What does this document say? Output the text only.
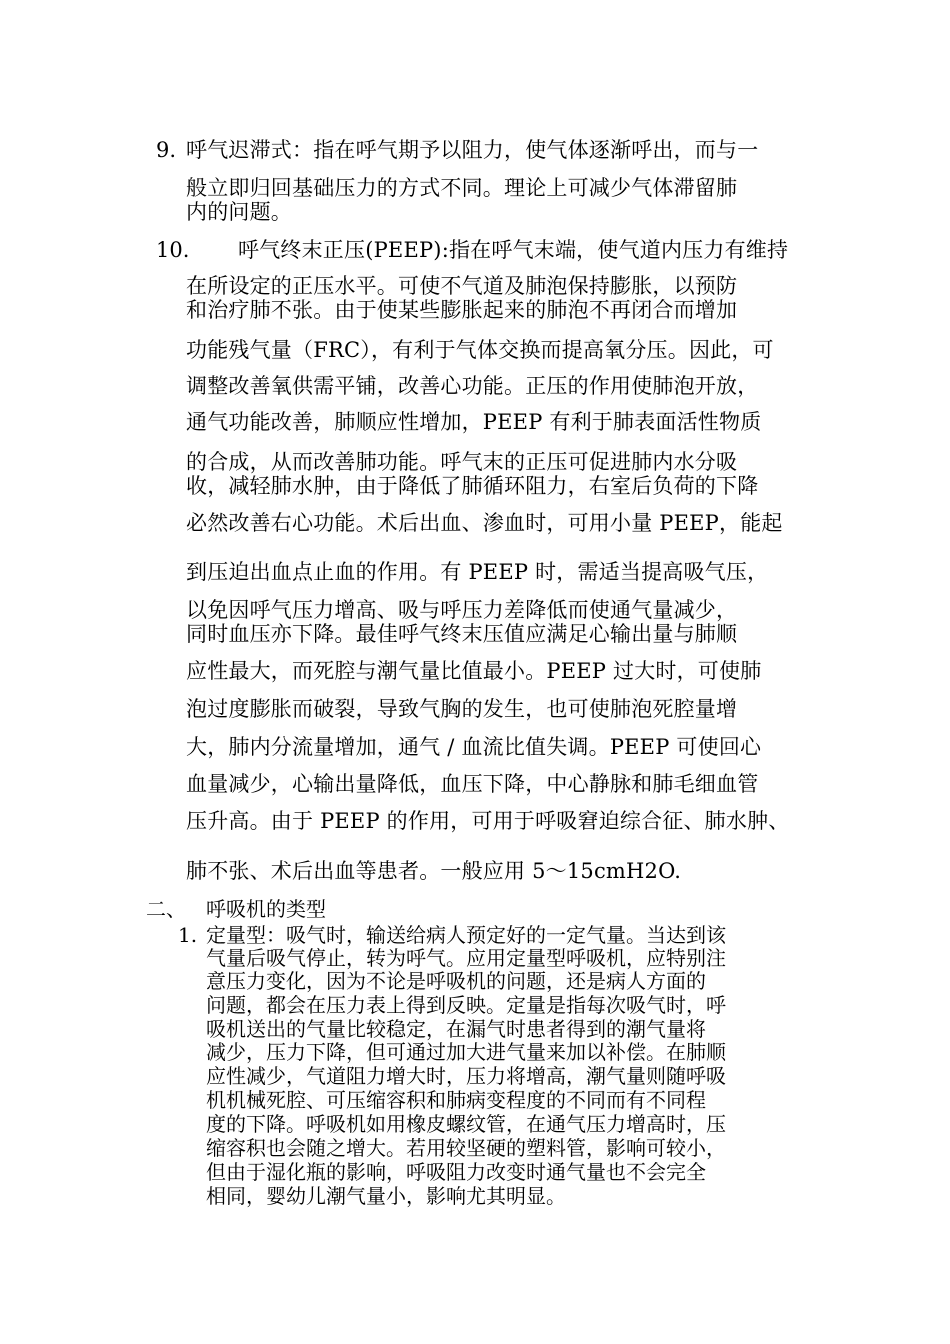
9. 呼气迟滞式：指在呼气期予以阻力，使气体逐渐呼出，而与一
般立即归回基础压力的方式不同。理论上可减少气体滞留肺
内的问题。
10. 呼气终末正压(PEEP):指在呼气末端，使气道内压力有维持
在所设定的正压水平。可使不气道及肺泡保持膨胀，以预防
和治疗肺不张。由于使某些膨胀起来的肺泡不再闭合而增加
功能残气量（FRC），有利于气体交换而提高氧分压。因此，可
调整改善氧供需平铺，改善心功能。正压的作用使肺泡开放，
通气功能改善，肺顺应性增加，PEEP 有利于肺表面活性物质
的合成，从而改善肺功能。呼气末的正压可促进肺内水分吸
收，减轻肺水肿，由于降低了肺循环阻力，右室后负荷的下降
必然改善右心功能。术后出血、渗血时，可用小量 PEEP，能起
到压迫出血点止血的作用。有 PEEP 时，需适当提高吸气压，
以免因呼气压力增高、吸与呼压力差降低而使通气量减少，
同时血压亦下降。最佳呼气终末压值应满足心输出量与肺顺
应性最大，而死腔与潮气量比值最小。PEEP 过大时，可使肺
泡过度膨胀而破裂，导致气胸的发生，也可使肺泡死腔量增
大，肺内分流量增加，通气 / 血流比值失调。PEEP 可使回心
血量减少，心输出量降低，血压下降，中心静脉和肺毛细血管
压升高。由于 PEEP 的作用，可用于呼吸窘迫综合征、肺水肿、
肺不张、术后出血等患者。一般应用 5～15cmH2O.
二、 呼吸机的类型
1. 定量型：吸气时，输送给病人预定好的一定气量。当达到该
气量后吸气停止，转为呼气。应用定量型呼吸机，应特别注
意压力变化，因为不论是呼吸机的问题，还是病人方面的
问题，都会在压力表上得到反映。定量是指每次吸气时，呼
吸机送出的气量比较稳定，在漏气时患者得到的潮气量将
减少，压力下降，但可通过加大进气量来加以补偿。在肺顺
应性减少，气道阻力增大时，压力将增高，潮气量则随呼吸
机机械死腔、可压缩容积和肺病变程度的不同而有不同程
度的下降。呼吸机如用橡皮螺纹管，在通气压力增高时，压
缩容积也会随之增大。若用较坚硬的塑料管，影响可较小，
但由于湿化瓶的影响，呼吸阻力改变时通气量也不会完全
相同，婴幼儿潮气量小，影响尤其明显。
